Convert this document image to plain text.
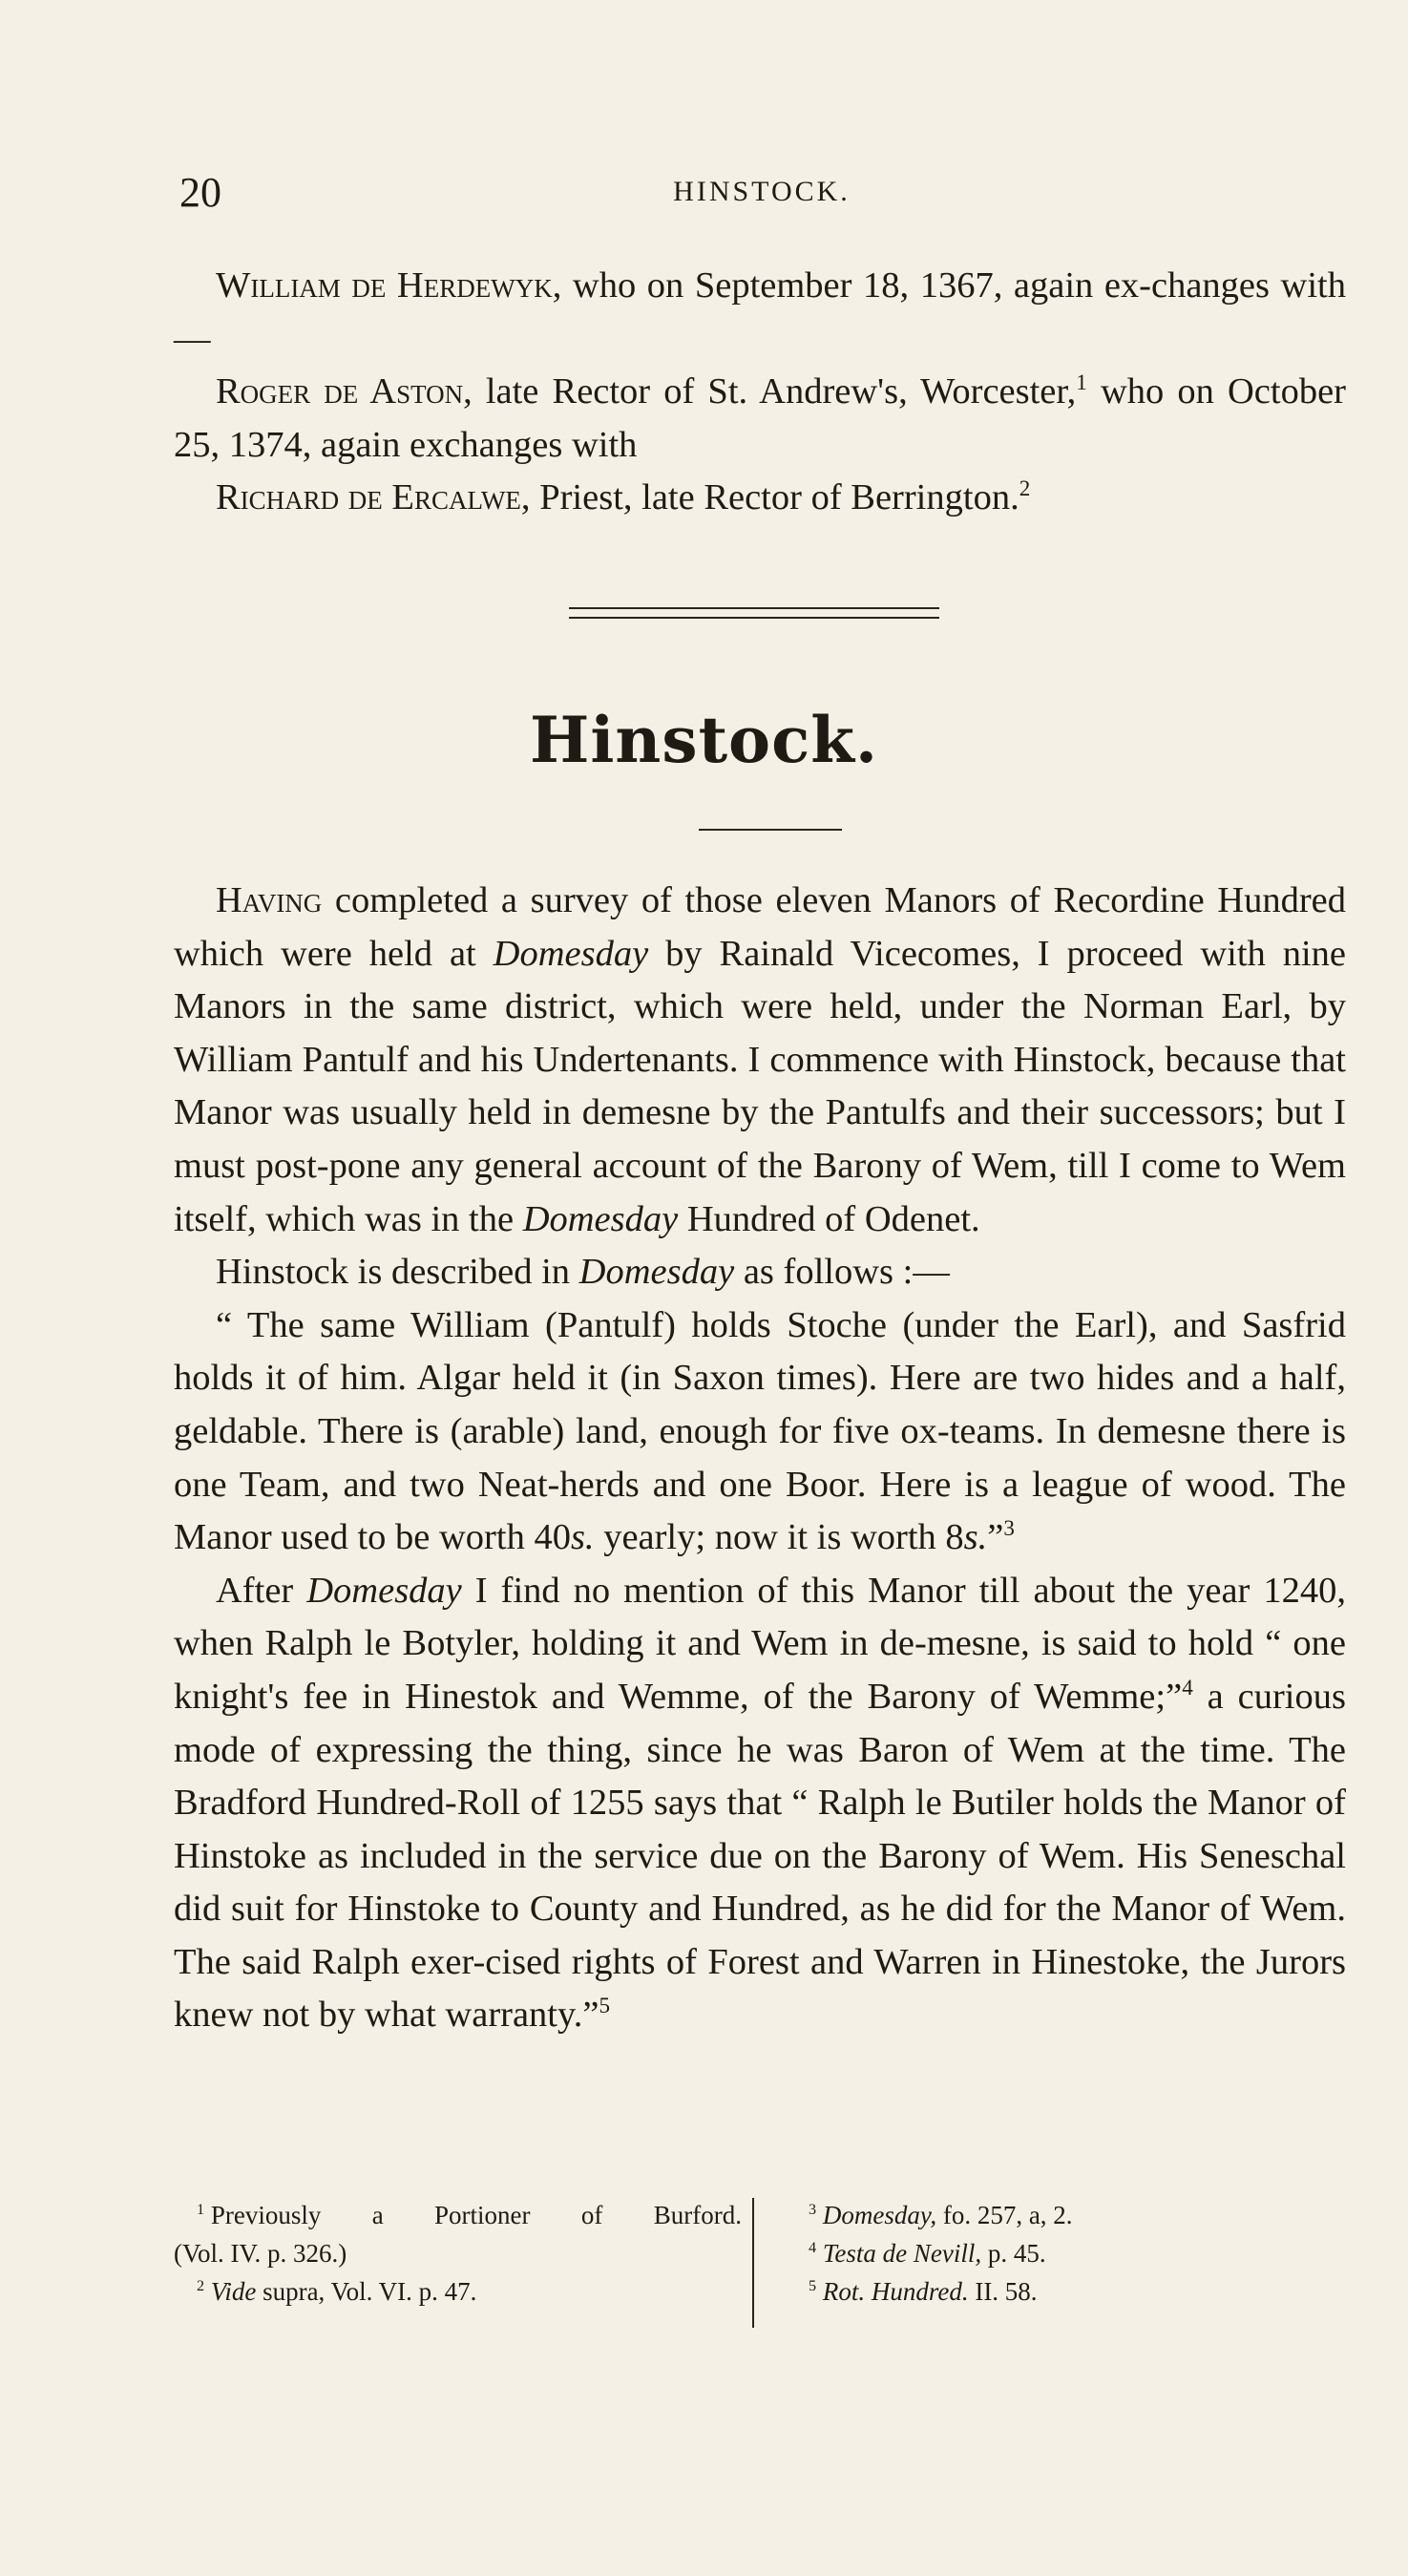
20	HINSTOCK.

William de Herdewyk, who on September 18, 1367, again ex-changes with—

Roger de Aston, late Rector of St. Andrew's, Worcester,$^1$ who on October 25, 1374, again exchanges with

Richard de Ercalwe, Priest, late Rector of Berrington.$^2$

Hinstock.

Having completed a survey of those eleven Manors of Recordine Hundred which were held at Domesday by Rainald Vicecomes, I proceed with nine Manors in the same district, which were held, under the Norman Earl, by William Pantulf and his Undertenants. I commence with Hinstock, because that Manor was usually held in demesne by the Pantulfs and their successors; but I must post-pone any general account of the Barony of Wem, till I come to Wem itself, which was in the Domesday Hundred of Odenet.

Hinstock is described in Domesday as follows :—

“ The same William (Pantulf) holds Stoche (under the Earl), and Sasfrid holds it of him. Algar held it (in Saxon times). Here are two hides and a half, geldable. There is (arable) land, enough for five ox-teams. In demesne there is one Team, and two Neat-herds and one Boor. Here is a league of wood. The Manor used to be worth 40s. yearly; now it is worth 8s.”$^3$

After Domesday I find no mention of this Manor till about the year 1240, when Ralph le Botyler, holding it and Wem in de-mesne, is said to hold “ one knight's fee in Hinestok and Wemme, of the Barony of Wemme;”$^4$ a curious mode of expressing the thing, since he was Baron of Wem at the time. The Bradford Hundred-Roll of 1255 says that “ Ralph le Butiler holds the Manor of Hinstoke as included in the service due on the Barony of Wem. His Seneschal did suit for Hinstoke to County and Hundred, as he did for the Manor of Wem. The said Ralph exer-cised rights of Forest and Warren in Hinestoke, the Jurors knew not by what warranty.”$^5$

$^1$ Previously a Portioner of Burford.
(Vol. IV. p. 326.)
$^2$ Vide supra, Vol. VI. p. 47.
$^3$ Domesday, fo. 257, a, 2.
$^4$ Testa de Nevill, p. 45.
$^5$ Rot. Hundred. II. 58.
